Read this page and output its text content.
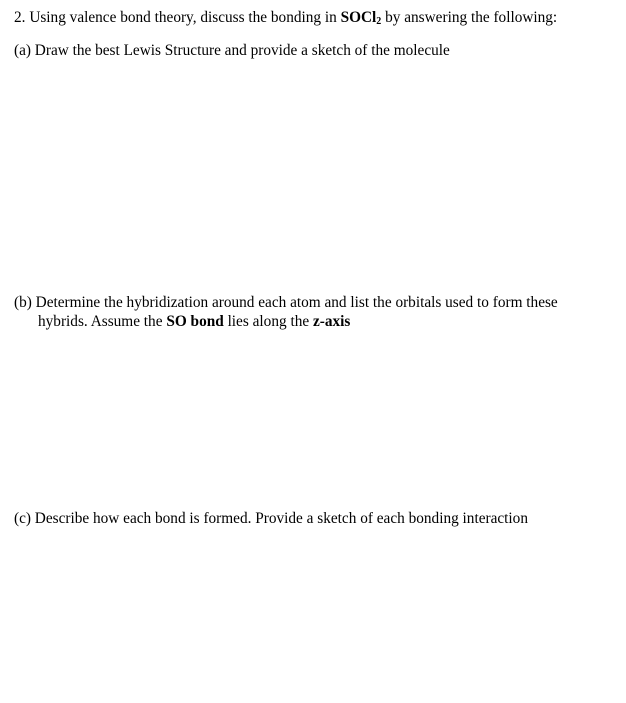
2. Using valence bond theory, discuss the bonding in SOCl$_2$ by answering the following:
(a) Draw the best Lewis Structure and provide a sketch of the molecule
(b) Determine the hybridization around each atom and list the orbitals used to form these
hybrids. Assume the SO bond lies along the z-axis
(c) Describe how each bond is formed. Provide a sketch of each bonding interaction
